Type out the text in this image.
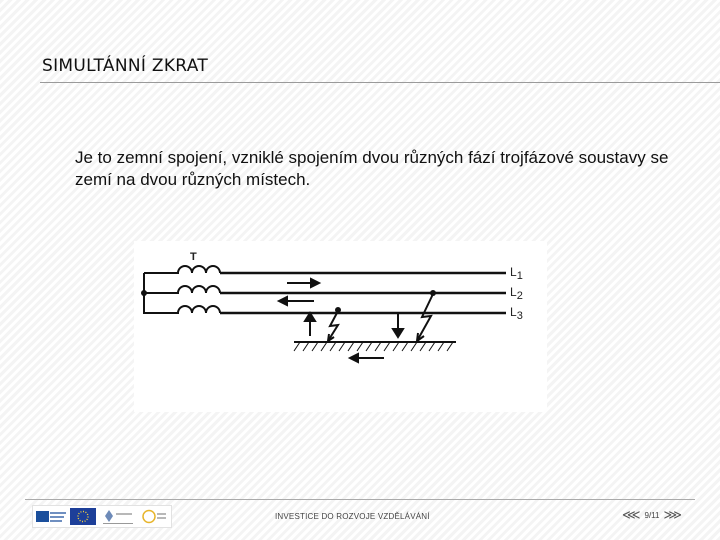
SIMULTÁNNÍ ZKRAT
Je to zemní spojení, vzniklé spojením dvou různých fází trojfázové soustavy se zemí na dvou různých místech.
T
L1
L2
L3
INVESTICE DO ROZVOJE VZDĚLÁVÁNÍ	⋘ 9/11 ⋙
